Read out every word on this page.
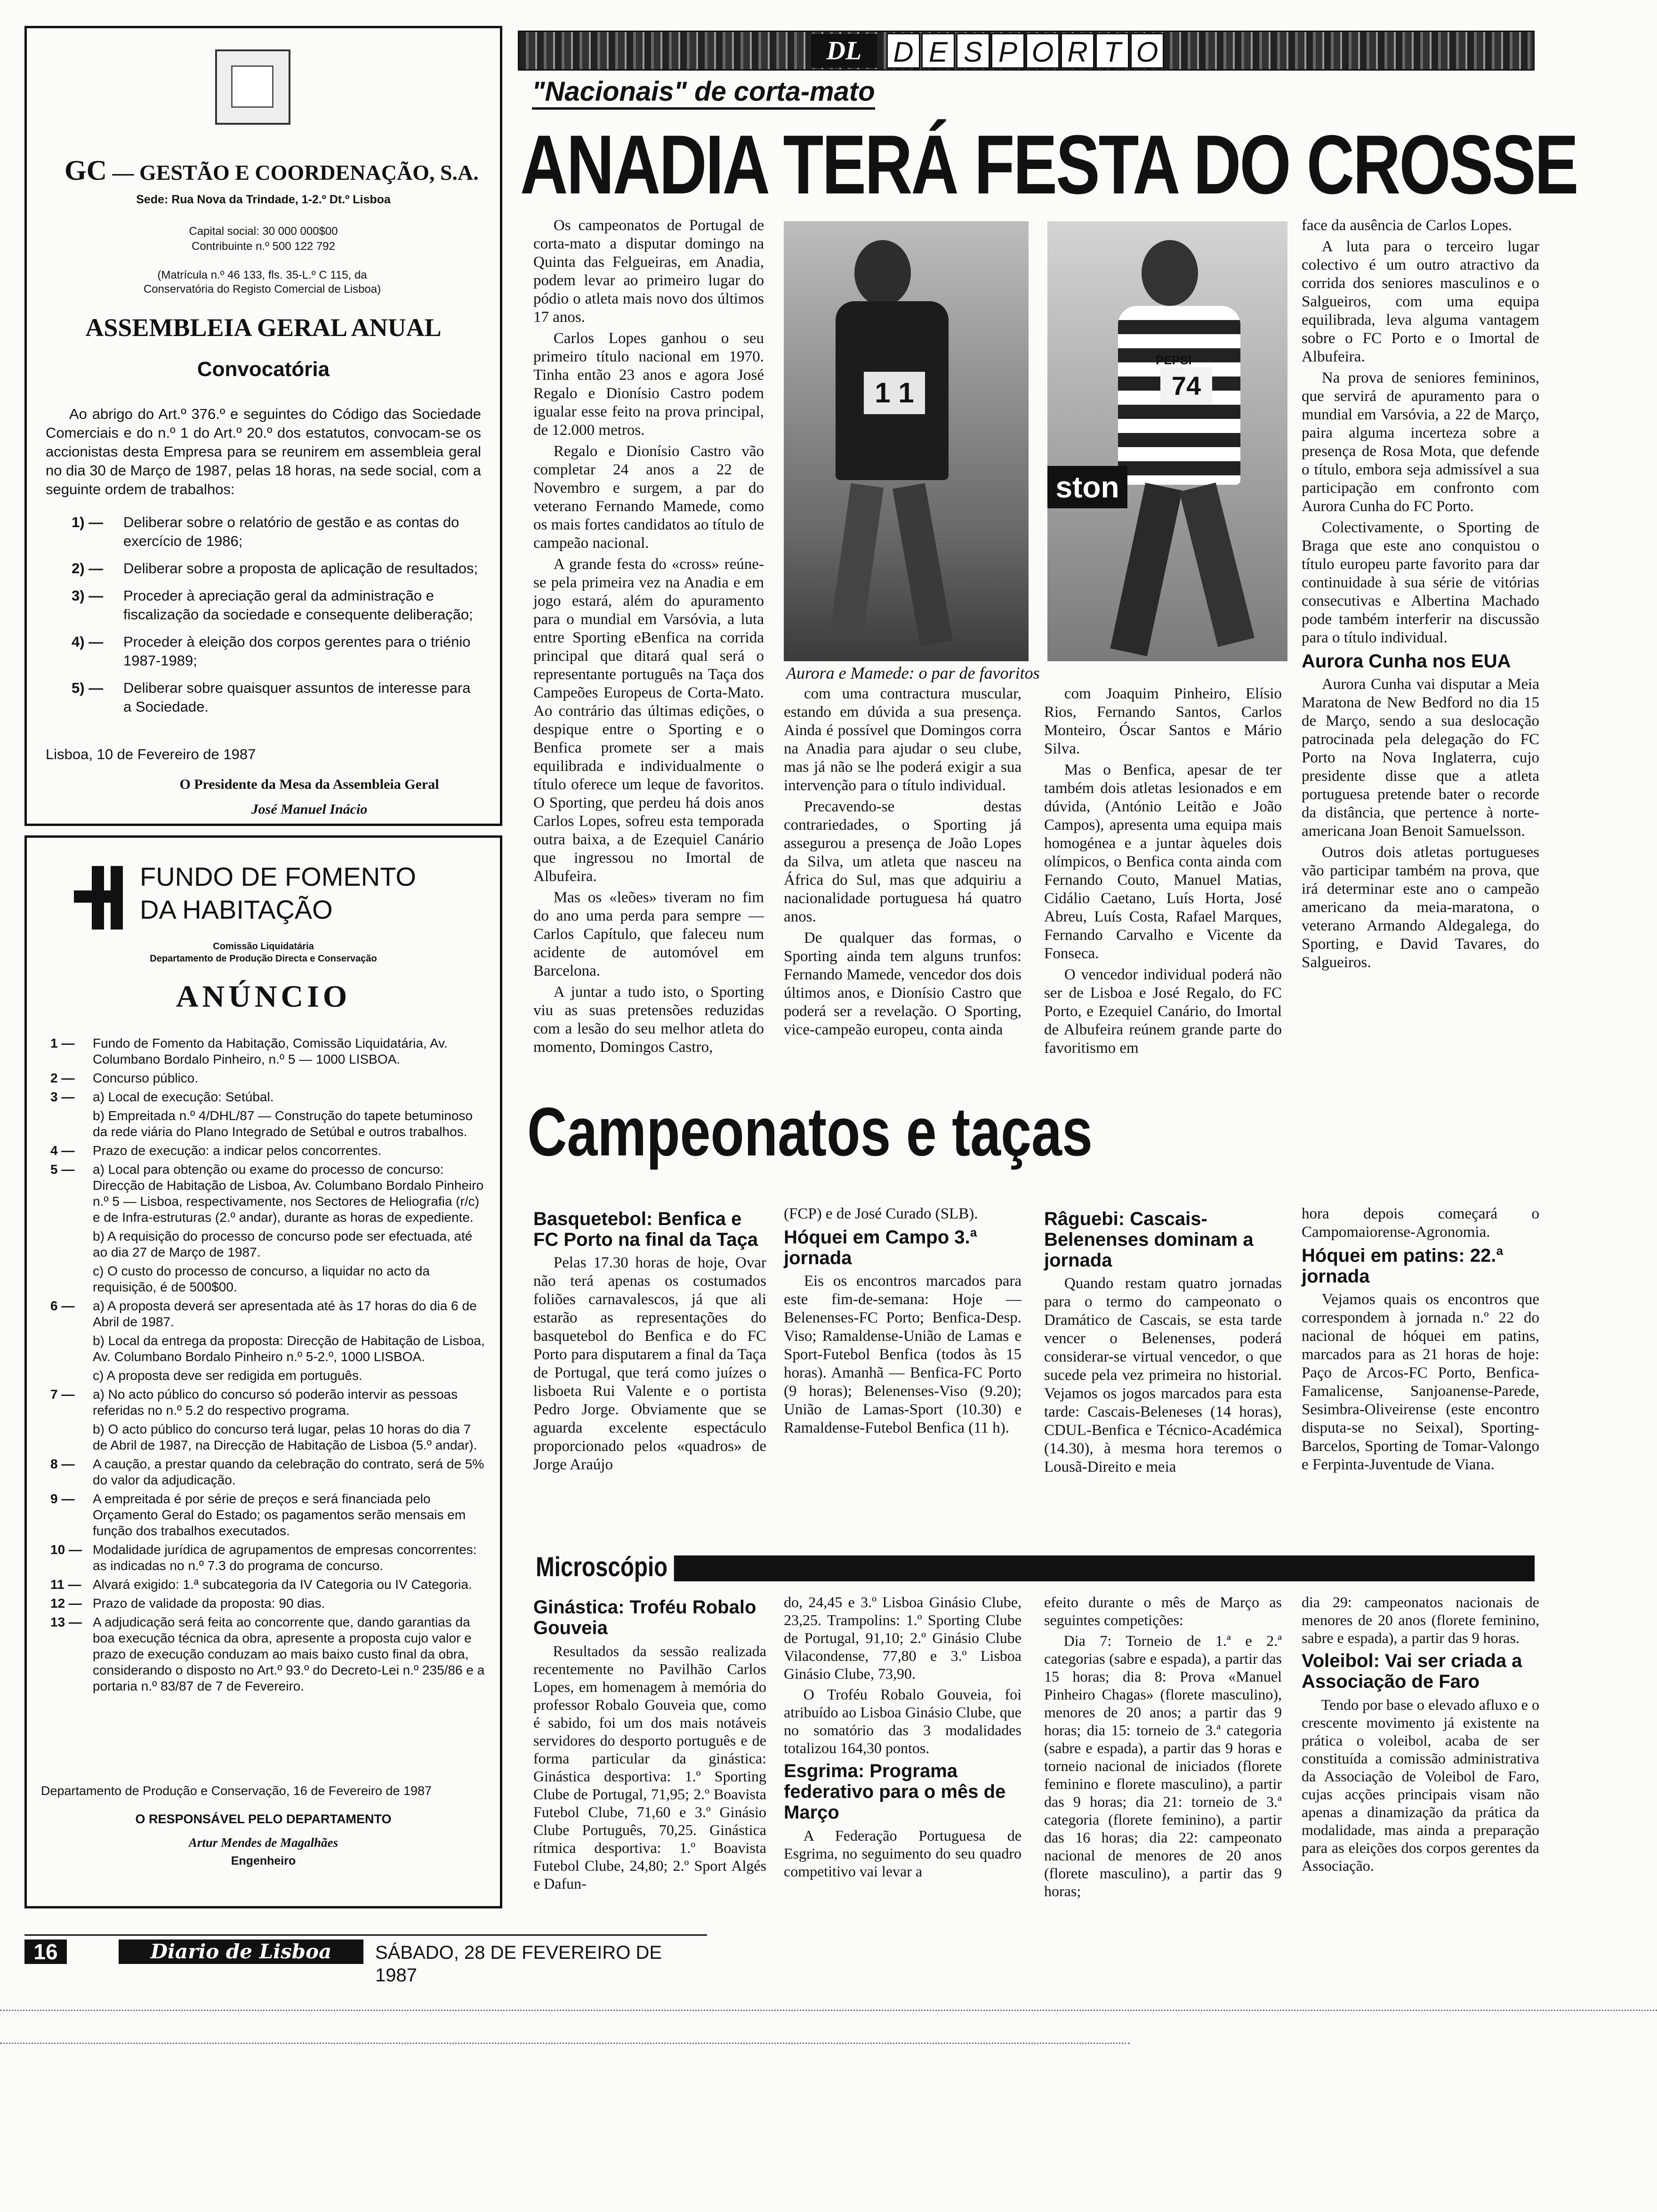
GC — GESTÃO E COORDENAÇÃO, S.A.
Sede: Rua Nova da Trindade, 1-2.º Dt.º Lisboa
Capital social: 30 000 000$00
Contribuinte n.º 500 122 792
(Matrícula n.º 46 133, fls. 35-L.º C 115, da Conservatória do Registo Comercial de Lisboa)
ASSEMBLEIA GERAL ANUAL
Convocatória
Ao abrigo do Art.º 376.º e seguintes do Código das Sociedade Comerciais e do n.º 1 do Art.º 20.º dos estatutos, convocam-se os accionistas desta Empresa para se reunirem em assembleia geral no dia 30 de Março de 1987, pelas 18 horas, na sede social, com a seguinte ordem de trabalhos:
1) —	Deliberar sobre o relatório de gestão e as contas do exercício de 1986;
2) —	Deliberar sobre a proposta de aplicação de resultados;
3) —	Proceder à apreciação geral da administração e fiscalização da sociedade e consequente deliberação;
4) —	Proceder à eleição dos corpos gerentes para o triénio 1987-1989;
5) —	Deliberar sobre quaisquer assuntos de interesse para a Sociedade.
Lisboa, 10 de Fevereiro de 1987
O Presidente da Mesa da Assembleia Geral
José Manuel Inácio
FUNDO DE FOMENTO
DA HABITAÇÃO
Comissão Liquidatária
Departamento de Produção Directa e Conservação
ANÚNCIO
1 —	Fundo de Fomento da Habitação, Comissão Liquidatária, Av. Columbano Bordalo Pinheiro, n.º 5 — 1000 LISBOA.
2 —	Concurso público.
3 —	a) Local de execução: Setúbal.
b) Empreitada n.º 4/DHL/87 — Construção do tapete betuminoso da rede viária do Plano Integrado de Setúbal e outros trabalhos.
4 —	Prazo de execução: a indicar pelos concorrentes.
5 —	a) Local para obtenção ou exame do processo de concurso: Direcção de Habitação de Lisboa, Av. Columbano Bordalo Pinheiro n.º 5 — Lisboa, respectivamente, nos Sectores de Heliografia (r/c) e de Infra-estruturas (2.º andar), durante as horas de expediente.
b) A requisição do processo de concurso pode ser efectuada, até ao dia 27 de Março de 1987.
c) O custo do processo de concurso, a liquidar no acto da requisição, é de 500$00.
6 —	a) A proposta deverá ser apresentada até às 17 horas do dia 6 de Abril de 1987.
b) Local da entrega da proposta: Direcção de Habitação de Lisboa, Av. Columbano Bordalo Pinheiro n.º 5-2.º, 1000 LISBOA.
c) A proposta deve ser redigida em português.
7 —	a) No acto público do concurso só poderão intervir as pessoas referidas no n.º 5.2 do respectivo programa.
b) O acto público do concurso terá lugar, pelas 10 horas do dia 7 de Abril de 1987, na Direcção de Habitação de Lisboa (5.º andar).
8 —	A caução, a prestar quando da celebração do contrato, será de 5% do valor da adjudicação.
9 —	A empreitada é por série de preços e será financiada pelo Orçamento Geral do Estado; os pagamentos serão mensais em função dos trabalhos executados.
10 — Modalidade jurídica de agrupamentos de empresas concorrentes: as indicadas no n.º 7.3 do programa de concurso.
11 — Alvará exigido: 1.ª subcategoria da IV Categoria ou IV Categoria.
12 — Prazo de validade da proposta: 90 dias.
13 — A adjudicação será feita ao concorrente que, dando garantias da boa execução técnica da obra, apresente a proposta cujo valor e prazo de execução conduzam ao mais baixo custo final da obra, considerando o disposto no Art.º 93.º do Decreto-Lei n.º 235/86 e a portaria n.º 83/87 de 7 de Fevereiro.
Departamento de Produção e Conservação, 16 de Fevereiro de 1987
O RESPONSÁVEL PELO DEPARTAMENTO
Artur Mendes de Magalhães
Engenheiro
DL	D E S P O R T O
"Nacionais" de corta-mato
ANADIA TERÁ FESTA DO CROSSE

Os campeonatos de Portugal de corta-mato a disputar domingo na Quinta das Felgueiras, em Anadia, podem levar ao primeiro lugar do pódio o atleta mais novo dos últimos 17 anos.

Carlos Lopes ganhou o seu primeiro título nacional em 1970. Tinha então 23 anos e agora José Regalo e Dionísio Castro podem igualar esse feito na prova principal, de 12.000 metros.

Regalo e Dionísio Castro vão completar 24 anos a 22 de Novembro e surgem, a par do veterano Fernando Mamede, como os mais fortes candidatos ao título de campeão nacional.

A grande festa do «cross» reúne-se pela primeira vez na Anadia e em jogo estará, além do apuramento para o mundial em Varsóvia, a luta entre Sporting eBenfica na corrida principal que ditará qual será o representante português na Taça dos Campeões Europeus de Corta-Mato. Ao contrário das últimas edições, o despique entre o Sporting e o Benfica promete ser a mais equilibrada e individualmente o título oferece um leque de favoritos. O Sporting, que perdeu há dois anos Carlos Lopes, sofreu esta temporada outra baixa, a de Ezequiel Canário que ingressou no Imortal de Albufeira.

Mas os «leões» tiveram no fim do ano uma perda para sempre — Carlos Capítulo, que faleceu num acidente de automóvel em Barcelona.

A juntar a tudo isto, o Sporting viu as suas pretensões reduzidas com a lesão do seu melhor atleta do momento, Domingos Castro,

1 1
PEPSI
74
ston
Aurora e Mamede: o par de favoritos

com uma contractura muscular, estando em dúvida a sua presença. Ainda é possível que Domingos corra na Anadia para ajudar o seu clube, mas já não se lhe poderá exigir a sua intervenção para o título individual.

Precavendo-se destas contrariedades, o Sporting já assegurou a presença de João Lopes da Silva, um atleta que nasceu na África do Sul, mas que adquiriu a nacionalidade portuguesa há quatro anos.

De qualquer das formas, o Sporting ainda tem alguns trunfos: Fernando Mamede, vencedor dos dois últimos anos, e Dionísio Castro que poderá ser a revelação. O Sporting, vice-campeão europeu, conta ainda

com Joaquim Pinheiro, Elísio Rios, Fernando Santos, Carlos Monteiro, Óscar Santos e Mário Silva.

Mas o Benfica, apesar de ter também dois atletas lesionados e em dúvida, (António Leitão e João Campos), apresenta uma equipa mais homogénea e a juntar àqueles dois olímpicos, o Benfica conta ainda com Fernando Couto, Manuel Matias, Cidálio Caetano, Luís Horta, José Abreu, Luís Costa, Rafael Marques, Fernando Carvalho e Vicente da Fonseca.

O vencedor individual poderá não ser de Lisboa e José Regalo, do FC Porto, e Ezequiel Canário, do Imortal de Albufeira reúnem grande parte do favoritismo em

face da ausência de Carlos Lopes.

A luta para o terceiro lugar colectivo é um outro atractivo da corrida dos seniores masculinos e o Salgueiros, com uma equipa equilibrada, leva alguma vantagem sobre o FC Porto e o Imortal de Albufeira.

Na prova de seniores femininos, que servirá de apuramento para o mundial em Varsóvia, a 22 de Março, paira alguma incerteza sobre a presença de Rosa Mota, que defende o título, embora seja admissível a sua participação em confronto com Aurora Cunha do FC Porto.

Colectivamente, o Sporting de Braga que este ano conquistou o título europeu parte favorito para dar continuidade à sua série de vitórias consecutivas e Albertina Machado pode também interferir na discussão para o título individual.

Aurora Cunha nos EUA

Aurora Cunha vai disputar a Meia Maratona de New Bedford no dia 15 de Março, sendo a sua deslocação patrocinada pela delegação do FC Porto na Nova Inglaterra, cujo presidente disse que a atleta portuguesa pretende bater o recorde da distância, que pertence à norte-americana Joan Benoit Samuelsson.

Outros dois atletas portugueses vão participar também na prova, que irá determinar este ano o campeão americano da meia-maratona, o veterano Armando Aldegalega, do Sporting, e David Tavares, do Salgueiros.

Campeonatos e taças
Basquetebol: Benfica e FC Porto na final da Taça

Pelas 17.30 horas de hoje, Ovar não terá apenas os costumados foliões carnavalescos, já que ali estarão as representações do basquetebol do Benfica e do FC Porto para disputarem a final da Taça de Portugal, que terá como juízes o lisboeta Rui Valente e o portista Pedro Jorge. Obviamente que se aguarda excelente espectáculo proporcionado pelos «quadros» de Jorge Araújo

(FCP) e de José Curado (SLB).

Hóquei em Campo 3.ª jornada

Eis os encontros marcados para este fim-de-semana: Hoje — Belenenses-FC Porto; Benfica-Desp. Viso; Ramaldense-União de Lamas e Sport-Futebol Benfica (todos às 15 horas). Amanhã — Benfica-FC Porto (9 horas); Belenenses-Viso (9.20); União de Lamas-Sport (10.30) e Ramaldense-Futebol Benfica (11 h).

Râguebi: Cascais-Belenenses dominam a jornada

Quando restam quatro jornadas para o termo do campeonato o Dramático de Cascais, se esta tarde vencer o Belenenses, poderá considerar-se virtual vencedor, o que sucede pela vez primeira no historial. Vejamos os jogos marcados para esta tarde: Cascais-Beleneses (14 horas), CDUL-Benfica e Técnico-Académica (14.30), à mesma hora teremos o Lousã-Direito e meia

hora depois começará o Campomaiorense-Agronomia.

Hóquei em patins: 22.ª jornada

Vejamos quais os encontros que correspondem à jornada n.º 22 do nacional de hóquei em patins, marcados para as 21 horas de hoje: Paço de Arcos-FC Porto, Benfica-Famalicense, Sanjoanense-Parede, Sesimbra-Oliveirense (este encontro disputa-se no Seixal), Sporting-Barcelos, Sporting de Tomar-Valongo e Ferpinta-Juventude de Viana.

Microscópio
Ginástica: Troféu Robalo Gouveia

Resultados da sessão realizada recentemente no Pavilhão Carlos Lopes, em homenagem à memória do professor Robalo Gouveia que, como é sabido, foi um dos mais notáveis servidores do desporto português e de forma particular da ginástica: Ginástica desportiva: 1.º Sporting Clube de Portugal, 71,95; 2.º Boavista Futebol Clube, 71,60 e 3.º Ginásio Clube Português, 70,25. Ginástica rítmica desportiva: 1.º Boavista Futebol Clube, 24,80; 2.º Sport Algés e Dafun-

do, 24,45 e 3.º Lisboa Ginásio Clube, 23,25. Trampolins: 1.º Sporting Clube de Portugal, 91,10; 2.º Ginásio Clube Vilacondense, 77,80 e 3.º Lisboa Ginásio Clube, 73,90.

O Troféu Robalo Gouveia, foi atribuído ao Lisboa Ginásio Clube, que no somatório das 3 modalidades totalizou 164,30 pontos.

Esgrima: Programa federativo para o mês de Março

A Federação Portuguesa de Esgrima, no seguimento do seu quadro competitivo vai levar a

efeito durante o mês de Março as seguintes competições:

Dia 7: Torneio de 1.ª e 2.ª categorias (sabre e espada), a partir das 15 horas; dia 8: Prova «Manuel Pinheiro Chagas» (florete masculino), menores de 20 anos; a partir das 9 horas; dia 15: torneio de 3.ª categoria (sabre e espada), a partir das 9 horas e torneio nacional de iniciados (florete feminino e florete masculino), a partir das 9 horas; dia 21: torneio de 3.ª categoria (florete feminino), a partir das 16 horas; dia 22: campeonato nacional de menores de 20 anos (florete masculino), a partir das 9 horas;

dia 29: campeonatos nacionais de menores de 20 anos (florete feminino, sabre e espada), a partir das 9 horas.

Voleibol: Vai ser criada a Associação de Faro

Tendo por base o elevado afluxo e o crescente movimento já existente na prática o voleibol, acaba de ser constituída a comissão administrativa da Associação de Voleibol de Faro, cujas acções principais visam não apenas a dinamização da prática da modalidade, mas ainda a preparação para as eleições dos corpos gerentes da Associação.

16	Diario de Lisboa	SÁBADO, 28 DE FEVEREIRO DE 1987
